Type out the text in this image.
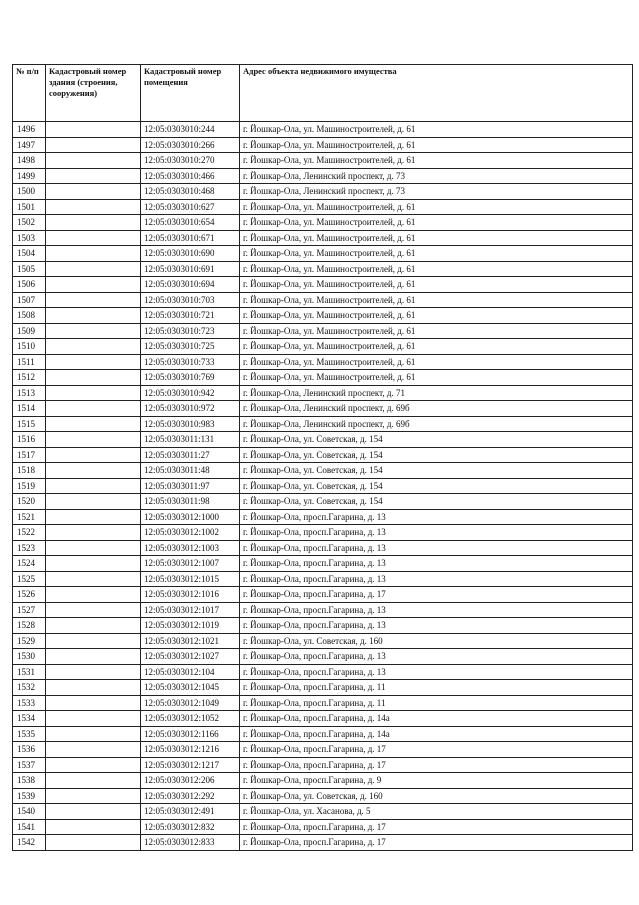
№ п/п	Кадастровый номер здания (строения, сооружения)	Кадастровый номер помещения	Адрес объекта недвижимого имущества
1496		12:05:0303010:244	г. Йошкар-Ола, ул. Машиностроителей, д. 61
1497		12:05:0303010:266	г. Йошкар-Ола, ул. Машиностроителей, д. 61
1498		12:05:0303010:270	г. Йошкар-Ола, ул. Машиностроителей, д. 61
1499		12:05:0303010:466	г. Йошкар-Ола, Ленинский проспект, д. 73
1500		12:05:0303010:468	г. Йошкар-Ола, Ленинский проспект, д. 73
1501		12:05:0303010:627	г. Йошкар-Ола, ул. Машиностроителей, д. 61
1502		12:05:0303010:654	г. Йошкар-Ола, ул. Машиностроителей, д. 61
1503		12:05:0303010:671	г. Йошкар-Ола, ул. Машиностроителей, д. 61
1504		12:05:0303010:690	г. Йошкар-Ола, ул. Машиностроителей, д. 61
1505		12:05:0303010:691	г. Йошкар-Ола, ул. Машиностроителей, д. 61
1506		12:05:0303010:694	г. Йошкар-Ола, ул. Машиностроителей, д. 61
1507		12:05:0303010:703	г. Йошкар-Ола, ул. Машиностроителей, д. 61
1508		12:05:0303010:721	г. Йошкар-Ола, ул. Машиностроителей, д. 61
1509		12:05:0303010:723	г. Йошкар-Ола, ул. Машиностроителей, д. 61
1510		12:05:0303010:725	г. Йошкар-Ола, ул. Машиностроителей, д. 61
1511		12:05:0303010:733	г. Йошкар-Ола, ул. Машиностроителей, д. 61
1512		12:05:0303010:769	г. Йошкар-Ола, ул. Машиностроителей, д. 61
1513		12:05:0303010:942	г. Йошкар-Ола, Ленинский проспект, д. 71
1514		12:05:0303010:972	г. Йошкар-Ола, Ленинский проспект, д. 69б
1515		12:05:0303010:983	г. Йошкар-Ола, Ленинский проспект, д. 69б
1516		12:05:0303011:131	г. Йошкар-Ола, ул. Советская, д. 154
1517		12:05:0303011:27	г. Йошкар-Ола, ул. Советская, д. 154
1518		12:05:0303011:48	г. Йошкар-Ола, ул. Советская, д. 154
1519		12:05:0303011:97	г. Йошкар-Ола, ул. Советская, д. 154
1520		12:05:0303011:98	г. Йошкар-Ола, ул. Советская, д. 154
1521		12:05:0303012:1000	г. Йошкар-Ола, просп.Гагарина, д. 13
1522		12:05:0303012:1002	г. Йошкар-Ола, просп.Гагарина, д. 13
1523		12:05:0303012:1003	г. Йошкар-Ола, просп.Гагарина, д. 13
1524		12:05:0303012:1007	г. Йошкар-Ола, просп.Гагарина, д. 13
1525		12:05:0303012:1015	г. Йошкар-Ола, просп.Гагарина, д. 13
1526		12:05:0303012:1016	г. Йошкар-Ола, просп.Гагарина, д. 17
1527		12:05:0303012:1017	г. Йошкар-Ола, просп.Гагарина, д. 13
1528		12:05:0303012:1019	г. Йошкар-Ола, просп.Гагарина, д. 13
1529		12:05:0303012:1021	г. Йошкар-Ола, ул. Советская, д. 160
1530		12:05:0303012:1027	г. Йошкар-Ола, просп.Гагарина, д. 13
1531		12:05:0303012:104	г. Йошкар-Ола, просп.Гагарина, д. 13
1532		12:05:0303012:1045	г. Йошкар-Ола, просп.Гагарина, д. 11
1533		12:05:0303012:1049	г. Йошкар-Ола, просп.Гагарина, д. 11
1534		12:05:0303012:1052	г. Йошкар-Ола, просп.Гагарина, д. 14а
1535		12:05:0303012:1166	г. Йошкар-Ола, просп.Гагарина, д. 14а
1536		12:05:0303012:1216	г. Йошкар-Ола, просп.Гагарина, д. 17
1537		12:05:0303012:1217	г. Йошкар-Ола, просп.Гагарина, д. 17
1538		12:05:0303012:206	г. Йошкар-Ола, просп.Гагарина, д. 9
1539		12:05:0303012:292	г. Йошкар-Ола, ул. Советская, д. 160
1540		12:05:0303012:491	г. Йошкар-Ола, ул. Хасанова, д. 5
1541		12:05:0303012:832	г. Йошкар-Ола, просп.Гагарина, д. 17
1542		12:05:0303012:833	г. Йошкар-Ола, просп.Гагарина, д. 17
